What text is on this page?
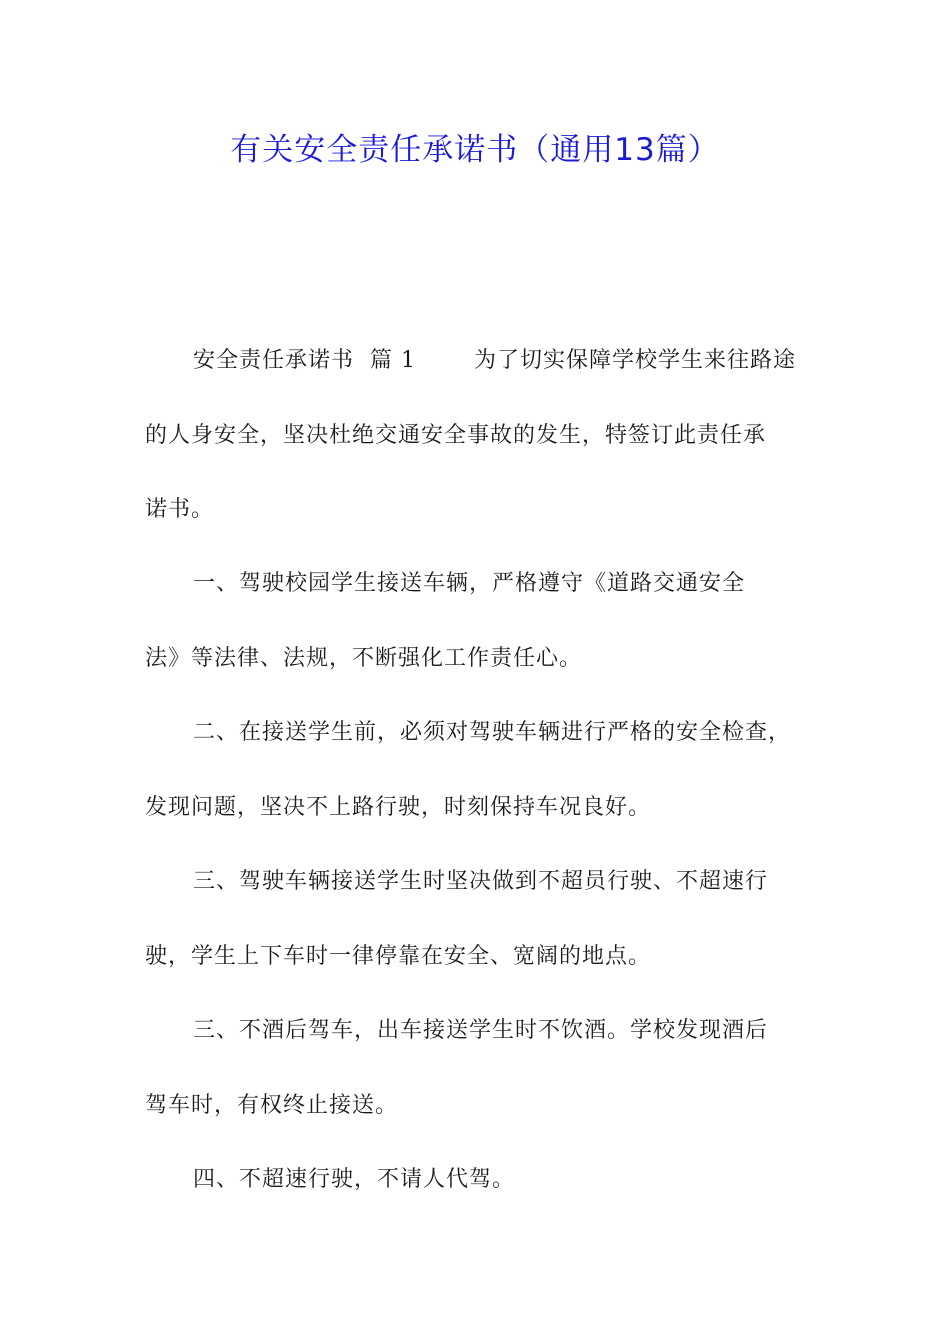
有关安全责任承诺书（通用13篇）
安全责任承诺书 篇 1	为了切实保障学校学生来往路途
的人身安全，坚决杜绝交通安全事故的发生，特签订此责任承
诺书。
一、驾驶校园学生接送车辆，严格遵守《道路交通安全
法》等法律、法规，不断强化工作责任心。
二、在接送学生前，必须对驾驶车辆进行严格的安全检查，
发现问题，坚决不上路行驶，时刻保持车况良好。
三、驾驶车辆接送学生时坚决做到不超员行驶、不超速行
驶，学生上下车时一律停靠在安全、宽阔的地点。
三、不酒后驾车，出车接送学生时不饮酒。学校发现酒后
驾车时，有权终止接送。
四、不超速行驶，不请人代驾。
